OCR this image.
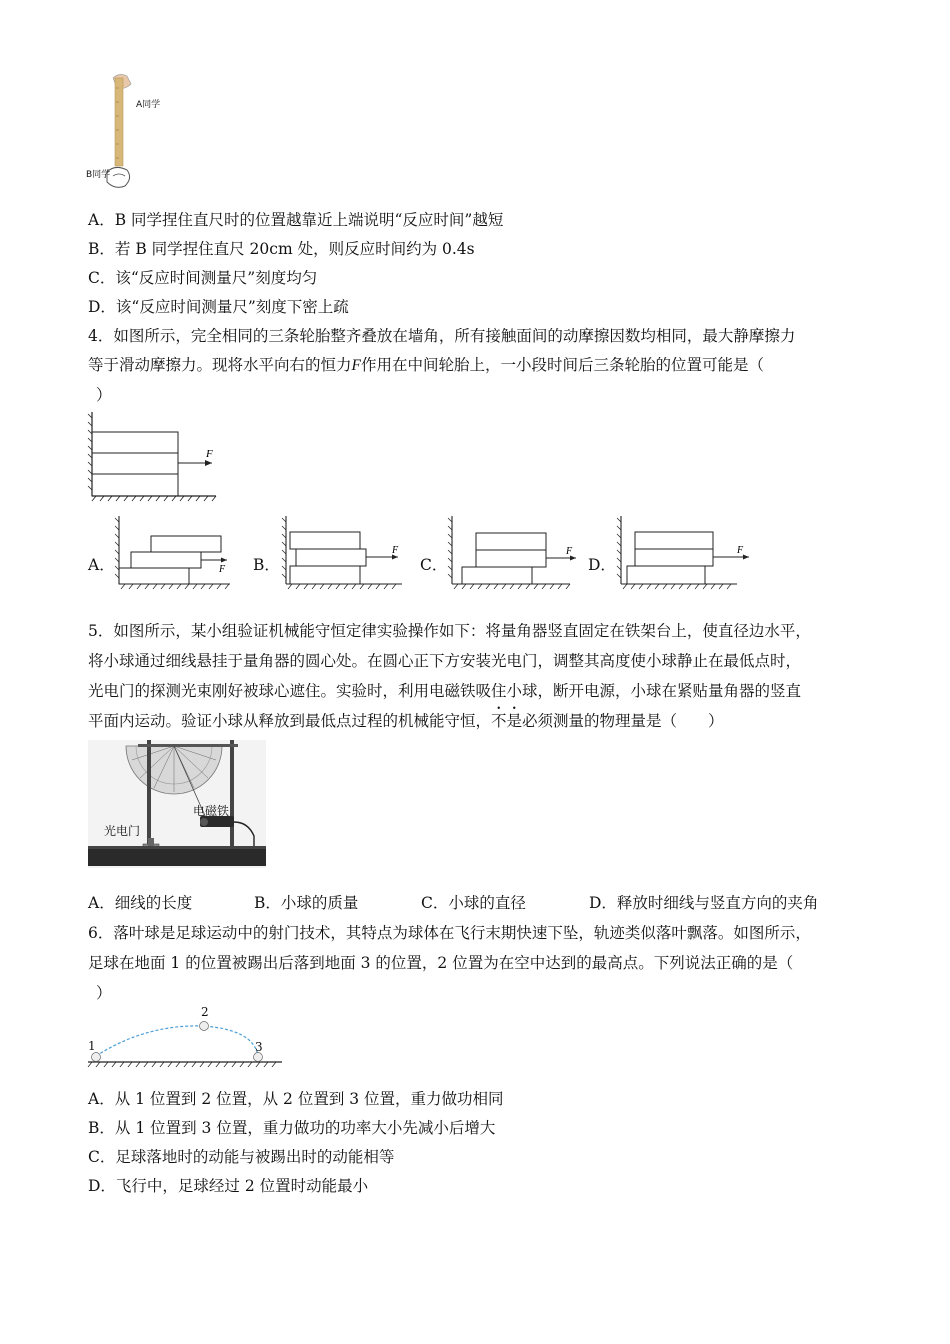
A同学
B同学
A．B 同学捏住直尺时的位置越靠近上端说明“反应时间”越短
B．若 B 同学捏住直尺 20cm 处，则反应时间约为 0.4s
C．该“反应时间测量尺”刻度均匀
D．该“反应时间测量尺”刻度下密上疏
4．如图所示，完全相同的三条轮胎整齐叠放在墙角，所有接触面间的动摩擦因数均相同，最大静摩擦力
等于滑动摩擦力。现将水平向右的恒力F作用在中间轮胎上，一小段时间后三条轮胎的位置可能是（
）
F
A．	F B．
F
C．
F
D．
F
5．如图所示，某小组验证机械能守恒定律实验操作如下：将量角器竖直固定在铁架台上，使直径边水平，
将小球通过细线悬挂于量角器的圆心处。在圆心正下方安装光电门，调整其高度使小球静止在最低点时，
光电门的探测光束刚好被球心遮住。实验时，利用电磁铁吸住小球，断开电源，小球在紧贴量角器的竖直
平面内运动。验证小球从释放到最低点过程的机械能守恒，不是必须测量的物理量是（　　）
电磁铁
光电门
A．细线的长度	B．小球的质量	C．小球的直径	D．释放时细线与竖直方向的夹角
6．落叶球是足球运动中的射门技术，其特点为球体在飞行末期快速下坠，轨迹类似落叶飘落。如图所示，
足球在地面 1 的位置被踢出后落到地面 3 的位置，2 位置为在空中达到的最高点。下列说法正确的是（
）
1
2
3
A．从 1 位置到 2 位置，从 2 位置到 3 位置，重力做功相同
B．从 1 位置到 3 位置，重力做功的功率大小先减小后增大
C．足球落地时的动能与被踢出时的动能相等
D．飞行中，足球经过 2 位置时动能最小
